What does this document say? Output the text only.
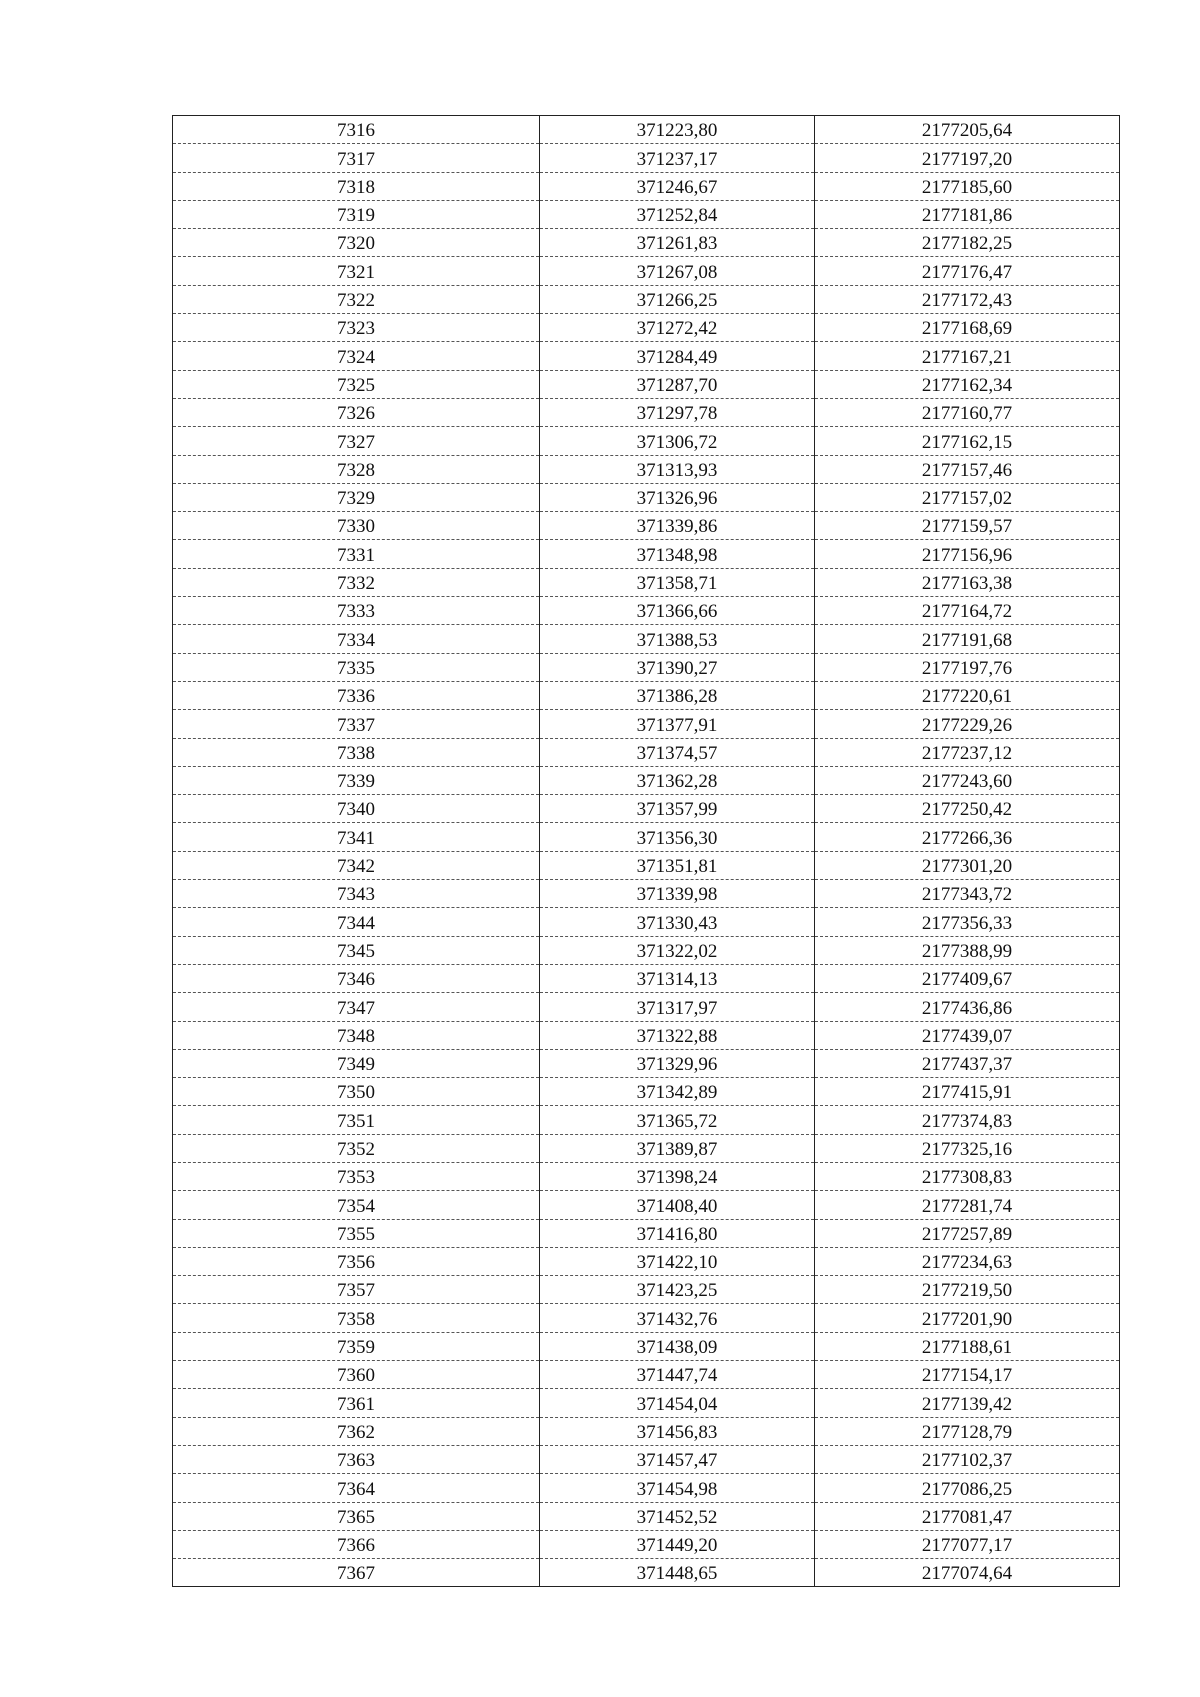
7316	371223,80	2177205,64
7317	371237,17	2177197,20
7318	371246,67	2177185,60
7319	371252,84	2177181,86
7320	371261,83	2177182,25
7321	371267,08	2177176,47
7322	371266,25	2177172,43
7323	371272,42	2177168,69
7324	371284,49	2177167,21
7325	371287,70	2177162,34
7326	371297,78	2177160,77
7327	371306,72	2177162,15
7328	371313,93	2177157,46
7329	371326,96	2177157,02
7330	371339,86	2177159,57
7331	371348,98	2177156,96
7332	371358,71	2177163,38
7333	371366,66	2177164,72
7334	371388,53	2177191,68
7335	371390,27	2177197,76
7336	371386,28	2177220,61
7337	371377,91	2177229,26
7338	371374,57	2177237,12
7339	371362,28	2177243,60
7340	371357,99	2177250,42
7341	371356,30	2177266,36
7342	371351,81	2177301,20
7343	371339,98	2177343,72
7344	371330,43	2177356,33
7345	371322,02	2177388,99
7346	371314,13	2177409,67
7347	371317,97	2177436,86
7348	371322,88	2177439,07
7349	371329,96	2177437,37
7350	371342,89	2177415,91
7351	371365,72	2177374,83
7352	371389,87	2177325,16
7353	371398,24	2177308,83
7354	371408,40	2177281,74
7355	371416,80	2177257,89
7356	371422,10	2177234,63
7357	371423,25	2177219,50
7358	371432,76	2177201,90
7359	371438,09	2177188,61
7360	371447,74	2177154,17
7361	371454,04	2177139,42
7362	371456,83	2177128,79
7363	371457,47	2177102,37
7364	371454,98	2177086,25
7365	371452,52	2177081,47
7366	371449,20	2177077,17
7367	371448,65	2177074,64
